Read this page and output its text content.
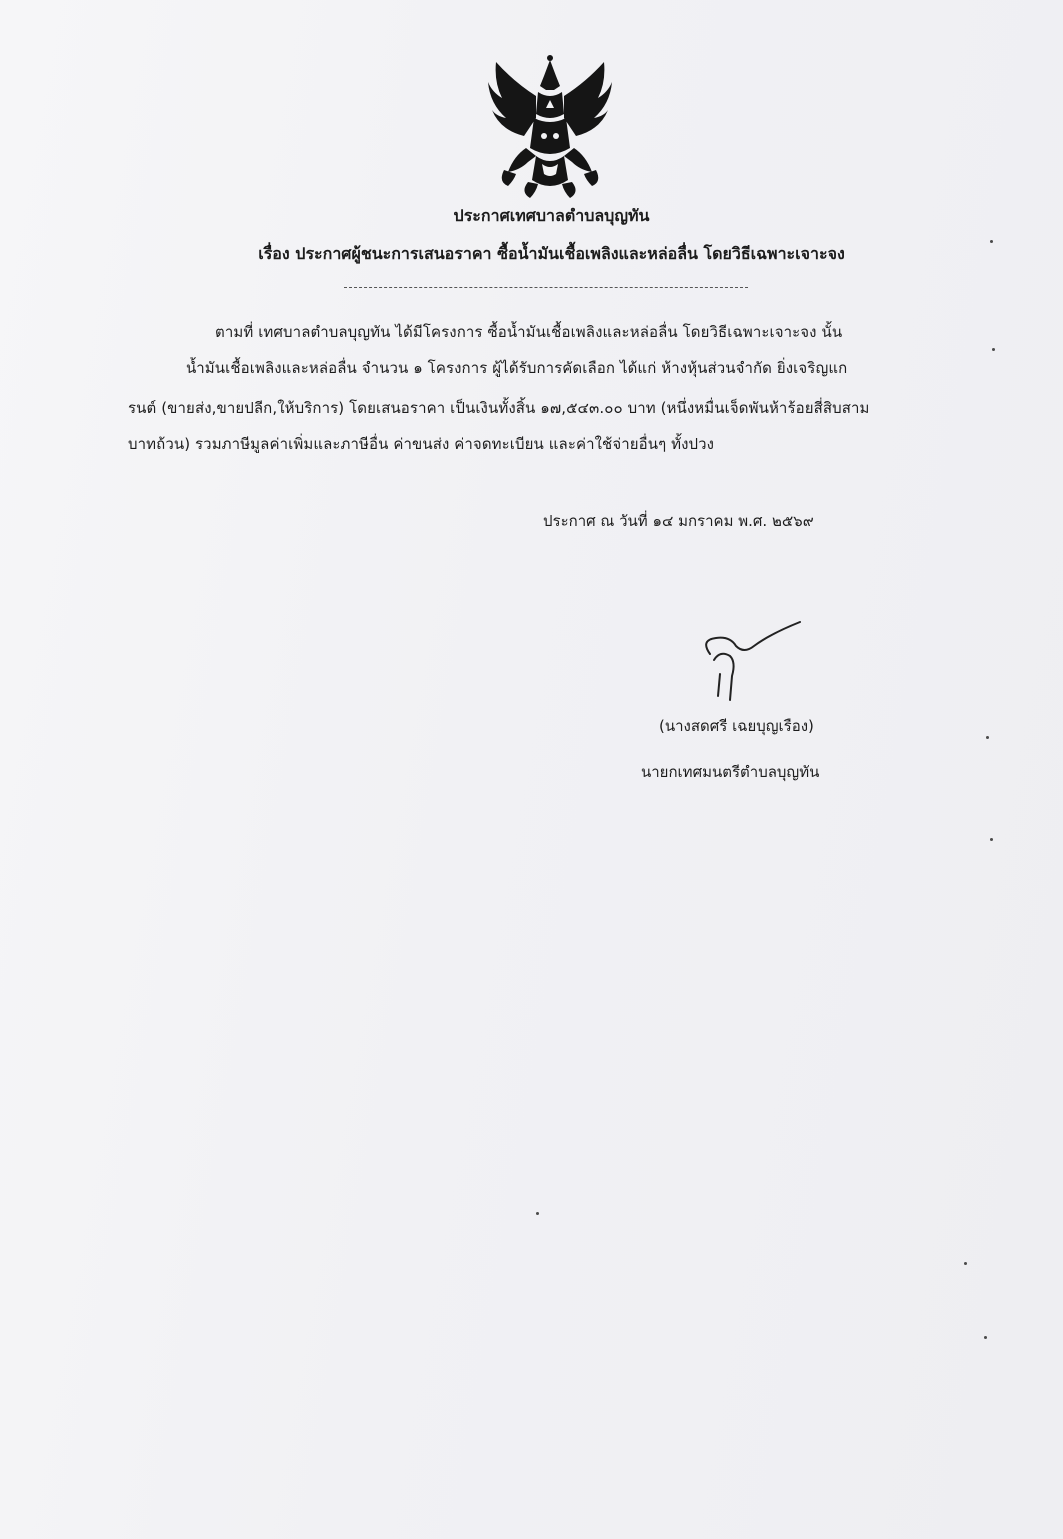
ประกาศเทศบาลตำบลบุญทัน
เรื่อง ประกาศผู้ชนะการเสนอราคา ซื้อน้ำมันเชื้อเพลิงและหล่อลื่น โดยวิธีเฉพาะเจาะจง
ตามที่ เทศบาลตำบลบุญทัน ได้มีโครงการ ซื้อน้ำมันเชื้อเพลิงและหล่อลื่น โดยวิธีเฉพาะเจาะจง นั้น
น้ำมันเชื้อเพลิงและหล่อลื่น จำนวน ๑ โครงการ ผู้ได้รับการคัดเลือก ได้แก่ ห้างหุ้นส่วนจำกัด ยิ่งเจริญแก
รนต์ (ขายส่ง,ขายปลีก,ให้บริการ) โดยเสนอราคา เป็นเงินทั้งสิ้น ๑๗,๕๔๓.๐๐ บาท (หนึ่งหมื่นเจ็ดพันห้าร้อยสี่สิบสาม
บาทถ้วน) รวมภาษีมูลค่าเพิ่มและภาษีอื่น ค่าขนส่ง ค่าจดทะเบียน และค่าใช้จ่ายอื่นๆ ทั้งปวง
ประกาศ ณ วันที่ ๑๔ มกราคม พ.ศ. ๒๕๖๙
(นางสดศรี เฉยบุญเรือง)
นายกเทศมนตรีตำบลบุญทัน
